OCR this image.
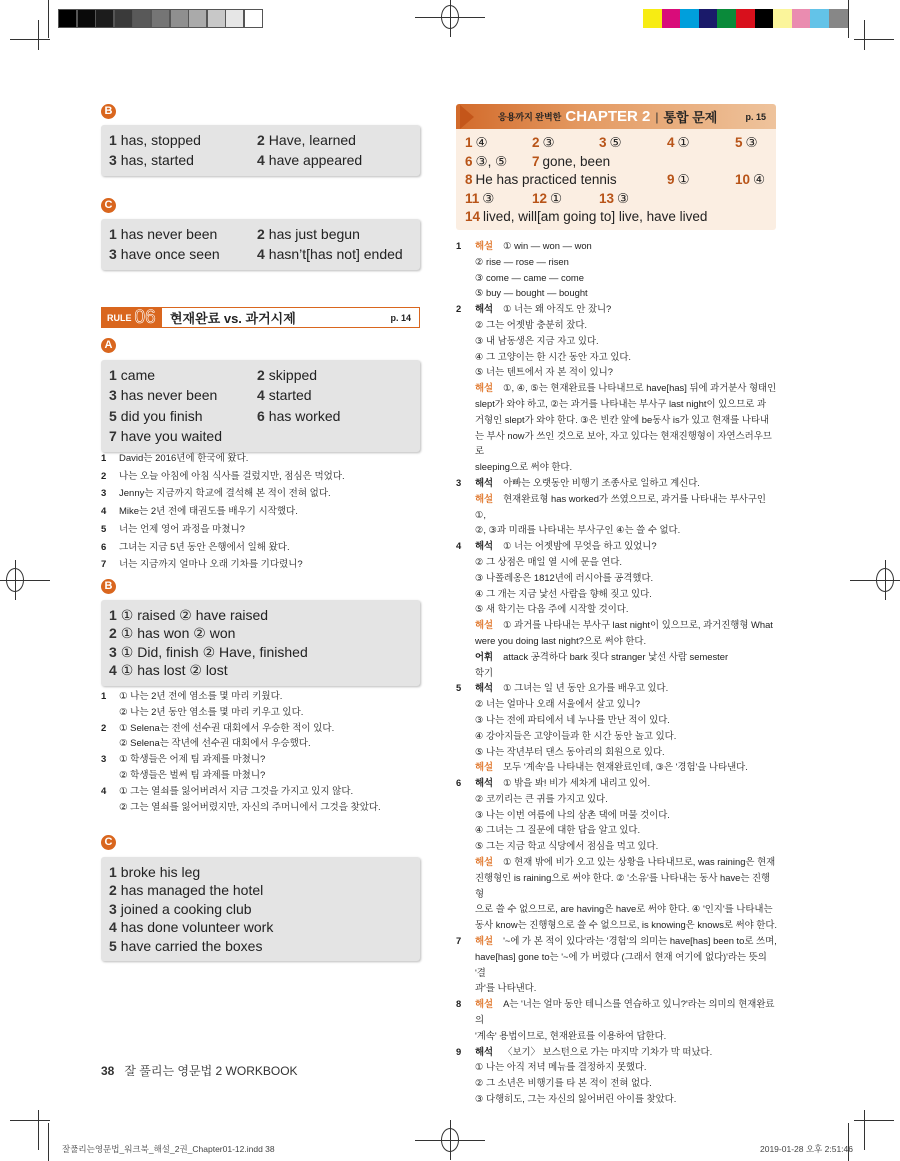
B
1 has, stopped	2 Have, learned
3 has, started	4 have appeared
C
1 has never been	2 has just begun
3 have once seen	4 hasn’t[has not] ended
RULE 06 현재완료 vs. 과거시제	p. 14
A
1 came	2 skipped
3 has never been	4 started
5 did you finish	6 has worked
7 have you waited
1 David는 2016년에 한국에 왔다.
2 나는 오늘 아침에 아침 식사를 걸렀지만, 점심은 먹었다.
3 Jenny는 지금까지 학교에 결석해 본 적이 전혀 없다.
4 Mike는 2년 전에 태권도를 배우기 시작했다.
5 너는 언제 영어 과정을 마쳤니?
6 그녀는 지금 5년 동안 은행에서 일해 왔다.
7 너는 지금까지 얼마나 오래 기차를 기다렸니?
B
1 ① raised ② have raised
2 ① has won ② won
3 ① Did, finish ② Have, finished
4 ① has lost ② lost
1 ① 나는 2년 전에 염소를 몇 마리 키웠다.
② 나는 2년 동안 염소를 몇 마리 키우고 있다.
2 ① Selena는 전에 선수권 대회에서 우승한 적이 있다.
② Selena는 작년에 선수권 대회에서 우승했다.
3 ① 학생들은 어제 팀 과제를 마쳤니?
② 학생들은 벌써 팀 과제를 마쳤니?
4 ① 그는 열쇠를 잃어버려서 지금 그것을 가지고 있지 않다.
② 그는 열쇠를 잃어버렸지만, 자신의 주머니에서 그것을 찾았다.
C
1 broke his leg
2 has managed the hotel
3 joined a cooking club
4 has done volunteer work
5 have carried the boxes
응용까지 완벽한 CHAPTER 2 | 통합 문제	p. 15
1 ④	2 ③	3 ⑤	4 ①	5 ③
6 ③, ⑤ 7 gone, been
8 He has practiced tennis	9 ①	10 ④
11 ③	12 ①	13 ③
14 lived, will[am going to] live, have lived
1	해설 ① win — won — won
② rise — rose — risen
③ come — came — come
⑤ buy — bought — bought
2	해석 ① 너는 왜 아직도 안 잤니?
② 그는 어젯밤 충분히 잤다.
③ 내 남동생은 지금 자고 있다.
④ 그 고양이는 한 시간 동안 자고 있다.
⑤ 너는 텐트에서 자 본 적이 있니?
해설 ①, ④, ⑤는 현재완료를 나타내므로 have[has] 뒤에 과거분사 형태인
slept가 와야 하고, ②는 과거를 나타내는 부사구 last night이 있으므로 과
거형인 slept가 와야 한다. ③은 빈칸 앞에 be동사 is가 있고 현재를 나타내
는 부사 now가 쓰인 것으로 보아, 자고 있다는 현재진행형이 자연스러우므로
sleeping으로 써야 한다.
3	해석 아빠는 오랫동안 비행기 조종사로 일하고 계신다.
해설 현재완료형 has worked가 쓰였으므로, 과거를 나타내는 부사구인 ①,
②, ③과 미래를 나타내는 부사구인 ④는 쓸 수 없다.
4	해석 ① 너는 어젯밤에 무엇을 하고 있었니?
② 그 상점은 매일 열 시에 문을 연다.
③ 나폴레옹은 1812년에 러시아를 공격했다.
④ 그 개는 지금 낯선 사람을 향해 짖고 있다.
⑤ 새 학기는 다음 주에 시작할 것이다.
해설 ① 과거를 나타내는 부사구 last night이 있으므로, 과거진행형 What
were you doing last night?으로 써야 한다.
어휘 attack 공격하다 bark 짖다 stranger 낯선 사람 semester
학기
5	해석 ① 그녀는 일 년 동안 요가를 배우고 있다.
② 너는 얼마나 오래 서울에서 살고 있니?
③ 나는 전에 파티에서 네 누나를 만난 적이 있다.
④ 강아지들은 고양이들과 한 시간 동안 놀고 있다.
⑤ 나는 작년부터 댄스 동아리의 회원으로 있다.
해설 모두 '계속'을 나타내는 현재완료인데, ③은 '경험'을 나타낸다.
6	해석 ① 밖을 봐! 비가 세차게 내리고 있어.
② 코끼리는 큰 귀를 가지고 있다.
③ 나는 이번 여름에 나의 삼촌 댁에 머물 것이다.
④ 그녀는 그 질문에 대한 답을 알고 있다.
⑤ 그는 지금 학교 식당에서 점심을 먹고 있다.
해설 ① 현재 밖에 비가 오고 있는 상황을 나타내므로, was raining은 현재
진행형인 is raining으로 써야 한다. ② '소유'를 나타내는 동사 have는 진행형
으로 쓸 수 없으므로, are having은 have로 써야 한다. ④ '인지'를 나타내는
동사 know는 진행형으로 쓸 수 없으므로, is knowing은 knows로 써야 한다.
7	해설 '~에 가 본 적이 있다'라는 '경험'의 의미는 have[has] been to로 쓰며,
have[has] gone to는 '~에 가 버렸다 (그래서 현재 여기에 없다)'라는 뜻의 '결
과'를 나타낸다.
8	해설 A는 '너는 얼마 동안 테니스를 연습하고 있니?'라는 의미의 현재완료의
'계속' 용법이므로, 현재완료를 이용하여 답한다.
9	해석 〈보기〉 보스턴으로 가는 마지막 기차가 막 떠났다.
① 나는 아직 저녁 메뉴를 결정하지 못했다.
② 그 소년은 비행기를 타 본 적이 전혀 없다.
③ 다행히도, 그는 자신의 잃어버린 아이를 찾았다.
38 잘 풀리는 영문법 2 WORKBOOK
잘풀리는영문법_워크북_해설_2권_Chapter01-12.indd 38	2019-01-28 오후 2:51:46
